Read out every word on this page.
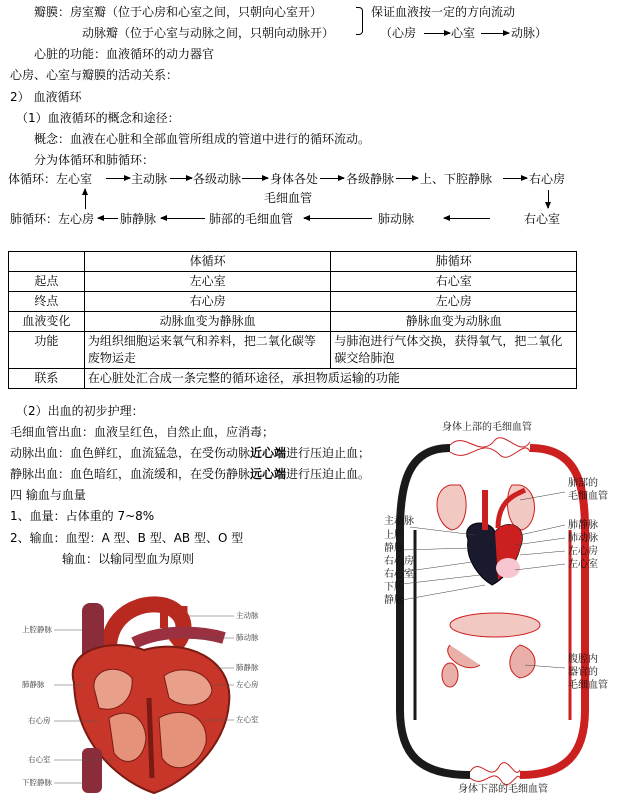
瓣膜：房室瓣（位于心房和心室之间，只朝向心室开）
动脉瓣（位于心室与动脉之间，只朝向动脉开）
保证血液按一定的方向流动
（心房	心室	动脉）
心脏的功能：血液循环的动力器官
心房、心室与瓣膜的活动关系：
2） 血液循环
（1）血液循环的概念和途径：
概念：血液在心脏和全部血管所组成的管道中进行的循环流动。
分为体循环和肺循环：
体循环：左心室	主动脉 各级动脉 身体各处
毛细血管
各级静脉 上、下腔静脉	右心房
肺循环：左心房 肺静脉	肺部的毛细血管	肺动脉	右心室
	体循环	肺循环
起点	左心室	右心室
终点	右心房	左心房
血液变化	动脉血变为静脉血	静脉血变为动脉血
功能	为组织细胞运来氧气和养料，把二氧化碳等废物运走	与肺泡进行气体交换，获得氧气，把二氧化碳交给肺泡
联系	在心脏处汇合成一条完整的循环途径，承担物质运输的功能	
（2）出血的初步护理：
毛细血管出血：血液呈红色，自然止血，应消毒；
动脉出血：血色鲜红，血流猛急，在受伤动脉近心端进行压迫止血；
静脉出血：血色暗红，血流缓和，在受伤静脉远心端进行压迫止血。
四 输血与血量
1、血量：占体重的 7~8%
2、输血：血型：A 型、B 型、AB 型、O 型
输血：以输同型血为原则
上腔静脉
肺静脉
右心房
右心室
下腔静脉
主动脉
肺动脉
肺静脉
左心房
左心室
身体上部的毛细血管
身体下部的毛细血管
主动脉
上腔
静脉
右心房
右心室
下腔
静脉
肺部的
毛细血管
肺静脉
肺动脉
左心房
左心室
腹腔内
器官的
毛细血管
